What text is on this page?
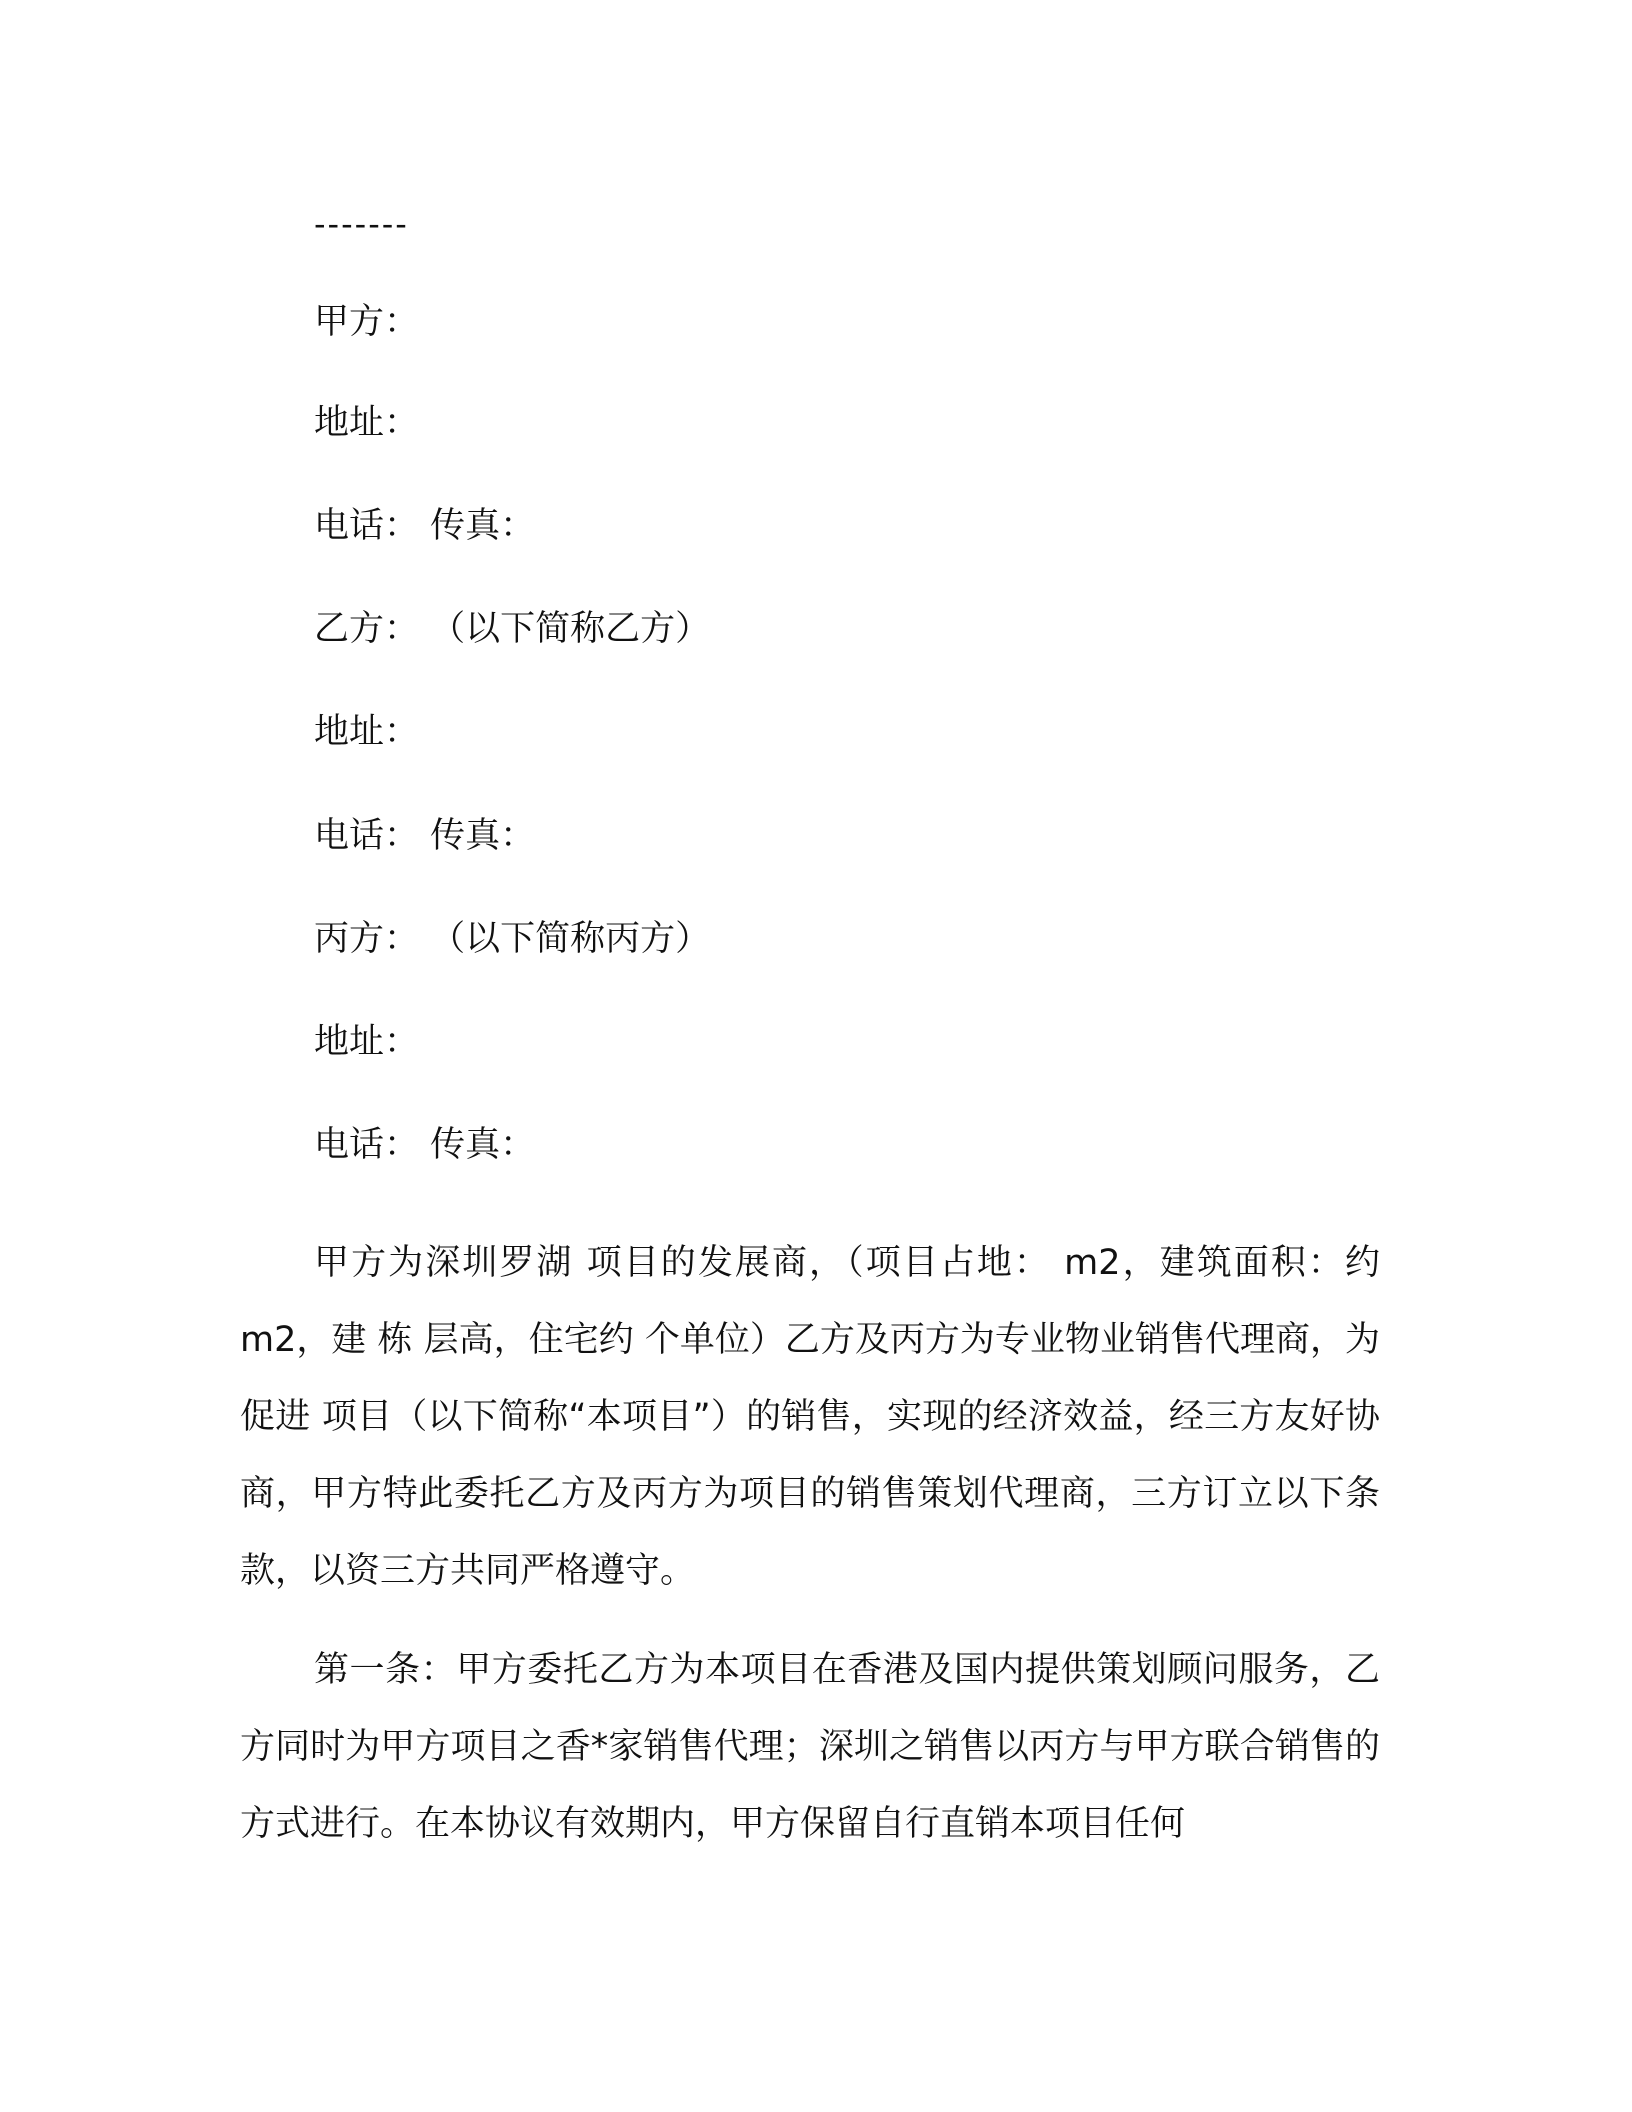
-------
甲方：
地址：
电话： 传真：
乙方： （以下简称乙方）
地址：
电话： 传真：
丙方： （以下简称丙方）
地址：
电话： 传真：

甲方为深圳罗湖 项目的发展商，（项目占地： m2，建筑面积：约 m2，建 栋 层高，住宅约 个单位）乙方及丙方为专业物业销售代理商，为促进 项目（以下简称“本项目”）的销售，实现的经济效益，经三方友好协商，甲方特此委托乙方及丙方为项目的销售策划代理商，三方订立以下条款，以资三方共同严格遵守。

第一条：甲方委托乙方为本项目在香港及国内提供策划顾问服务，乙方同时为甲方项目之香*家销售代理；深圳之销售以丙方与甲方联合销售的方式进行。在本协议有效期内，甲方保留自行直销本项目任何
